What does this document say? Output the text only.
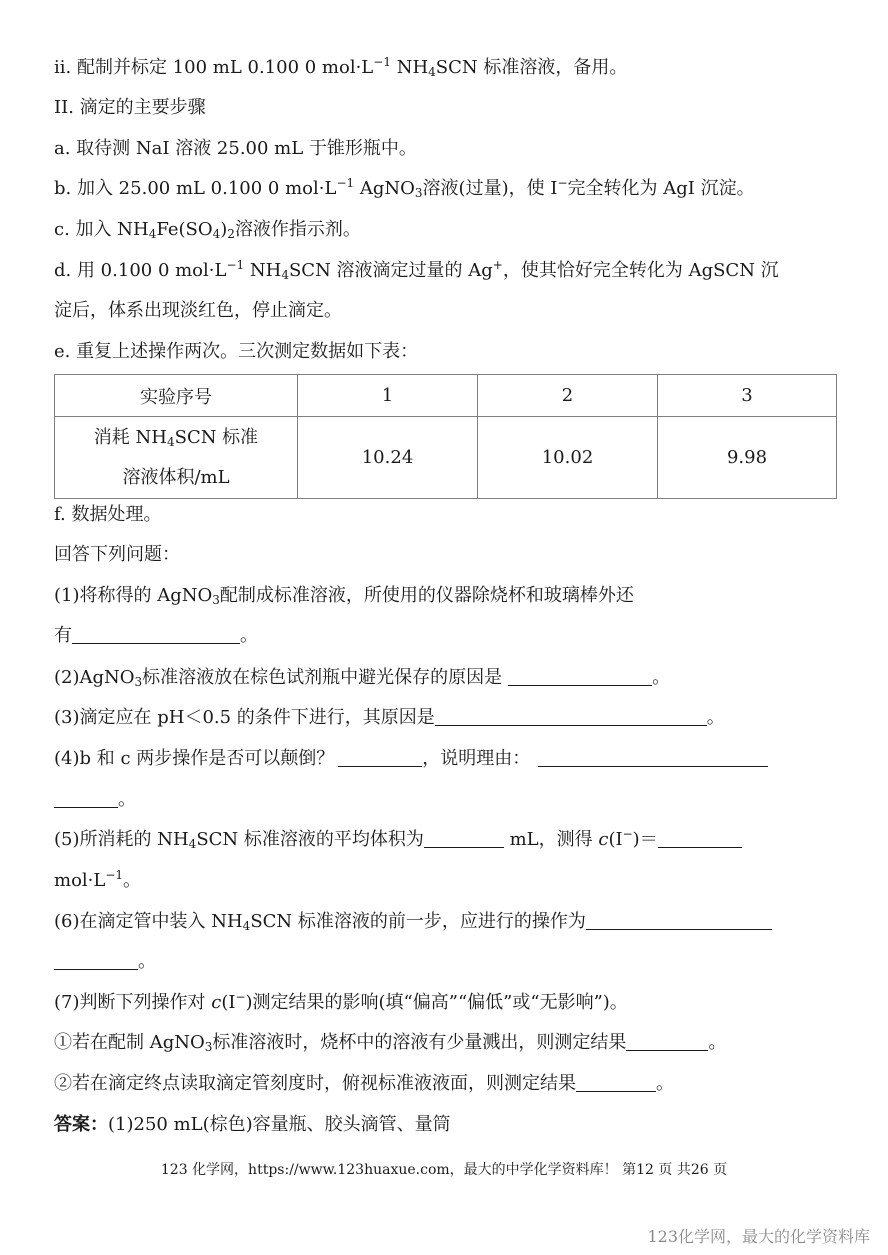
ii. 配制并标定 100 mL 0.100 0 $mol\cdot L^{-1}$ $NH_4SCN$ 标准溶液，备用。
II. 滴定的主要步骤
a. 取待测 NaI 溶液 25.00 mL 于锥形瓶中。
b. 加入 25.00 mL 0.100 0 $mol\cdot L^{-1}$ AgNO$_3$溶液(过量)，使 I−完全转化为 AgI 沉淀。
c. 加入 $NH_4Fe(SO_4)_2$溶液作指示剂。
d. 用 0.100 0 $mol\cdot L^{-1}$ $NH_4SCN$ 溶液滴定过量的 Ag+，使其恰好完全转化为 AgSCN 沉
淀后，体系出现淡红色，停止滴定。
e. 重复上述操作两次。三次测定数据如下表：
实验序号	1	2	3
消耗 $NH_4SCN$ 标准
溶液体积/mL	10.24	10.02	9.98
f. 数据处理。
回答下列问题：
(1)将称得的 AgNO$_3$配制成标准溶液，所使用的仪器除烧杯和玻璃棒外还
有	。
(2)AgNO$_3$标准溶液放在棕色试剂瓶中避光保存的原因是	。
(3)滴定应在 pH＜0.5 的条件下进行，其原因是	。
(4)b 和 c 两步操作是否可以颠倒？	，说明理由：
。
(5)所消耗的 $NH_4SCN$ 标准溶液的平均体积为	mL，测得 c(I−)＝
$mol\cdot L^{-1}$。
(6)在滴定管中装入 $NH_4SCN$ 标准溶液的前一步，应进行的操作为
。
(7)判断下列操作对 c(I−)测定结果的影响(填“偏高”“偏低”或“无影响”)。
①若在配制 AgNO$_3$标准溶液时，烧杯中的溶液有少量溅出，则测定结果	。
②若在滴定终点读取滴定管刻度时，俯视标准液液面，则测定结果	。
答案：(1)250 mL(棕色)容量瓶、胶头滴管、量筒
123 化学网，https://www.123huaxue.com，最大的中学化学资料库！ 第12 页 共26 页
123化学网，最大的化学资料库
